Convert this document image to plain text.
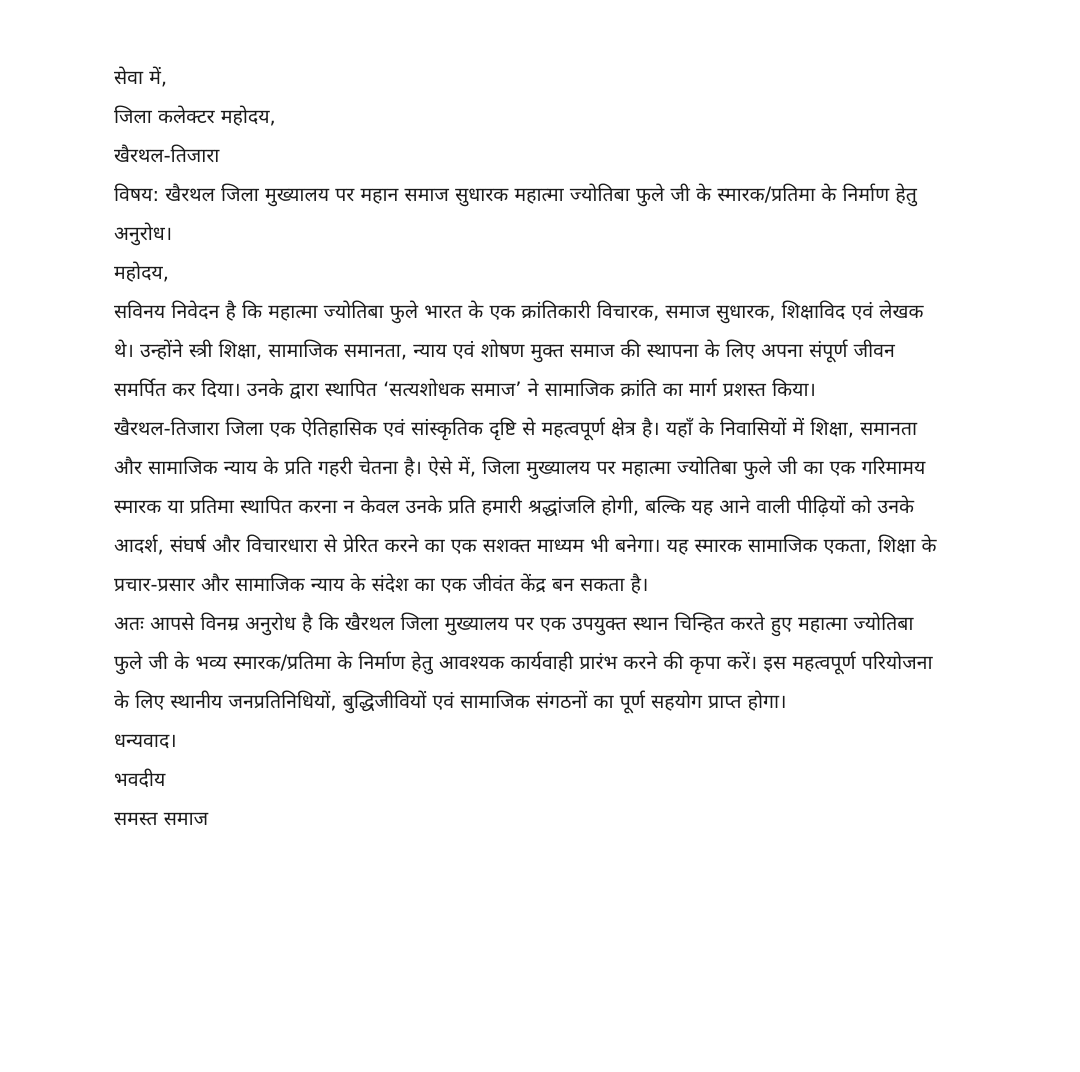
सेवा में,

जिला कलेक्टर महोदय,

खैरथल-तिजारा

विषय: खैरथल जिला मुख्यालय पर महान समाज सुधारक महात्मा ज्योतिबा फुले जी के स्मारक/प्रतिमा के निर्माण हेतु

अनुरोध।

महोदय,

सविनय निवेदन है कि महात्मा ज्योतिबा फुले भारत के एक क्रांतिकारी विचारक, समाज सुधारक, शिक्षाविद एवं लेखक

थे। उन्होंने स्त्री शिक्षा, सामाजिक समानता, न्याय एवं शोषण मुक्त समाज की स्थापना के लिए अपना संपूर्ण जीवन

समर्पित कर दिया। उनके द्वारा स्थापित ‘सत्यशोधक समाज’ ने सामाजिक क्रांति का मार्ग प्रशस्त किया।

खैरथल-तिजारा जिला एक ऐतिहासिक एवं सांस्कृतिक दृष्टि से महत्वपूर्ण क्षेत्र है। यहाँ के निवासियों में शिक्षा, समानता

और सामाजिक न्याय के प्रति गहरी चेतना है। ऐसे में, जिला मुख्यालय पर महात्मा ज्योतिबा फुले जी का एक गरिमामय

स्मारक या प्रतिमा स्थापित करना न केवल उनके प्रति हमारी श्रद्धांजलि होगी, बल्कि यह आने वाली पीढ़ियों को उनके

आदर्श, संघर्ष और विचारधारा से प्रेरित करने का एक सशक्त माध्यम भी बनेगा। यह स्मारक सामाजिक एकता, शिक्षा के

प्रचार-प्रसार और सामाजिक न्याय के संदेश का एक जीवंत केंद्र बन सकता है।

अतः आपसे विनम्र अनुरोध है कि खैरथल जिला मुख्यालय पर एक उपयुक्त स्थान चिन्हित करते हुए महात्मा ज्योतिबा

फुले जी के भव्य स्मारक/प्रतिमा के निर्माण हेतु आवश्यक कार्यवाही प्रारंभ करने की कृपा करें। इस महत्वपूर्ण परियोजना

के लिए स्थानीय जनप्रतिनिधियों, बुद्धिजीवियों एवं सामाजिक संगठनों का पूर्ण सहयोग प्राप्त होगा।

धन्यवाद।

भवदीय

समस्त समाज
